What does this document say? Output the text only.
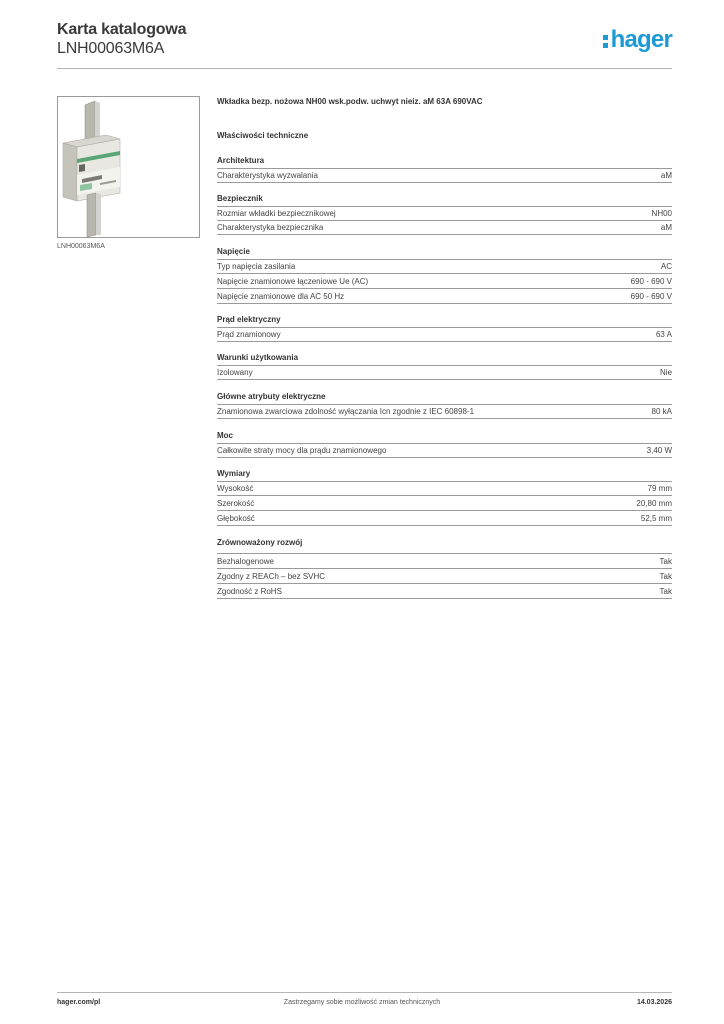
Karta katalogowa
LNH00063M6A	hager
LNH00063M6A
Wkładka bezp. nożowa NH00 wsk.podw. uchwyt nieiz. aM 63A 690VAC
Właściwości techniczne
Architektura
Charakterystyka wyzwalania	aM
Bezpiecznik
Rozmiar wkładki bezpiecznikowej	NH00
Charakterystyka bezpiecznika	aM
Napięcie
Typ napięcia zasilania	AC
Napięcie znamionowe łączeniowe Ue (AC)	690 - 690 V
Napięcie znamionowe dla AC 50 Hz	690 - 690 V
Prąd elektryczny
Prąd znamionowy	63 A
Warunki użytkowania
Izolowany	Nie
Główne atrybuty elektryczne
Znamionowa zwarciowa zdolność wyłączania Icn zgodnie z IEC 60898-1	80 kA
Moc
Całkowite straty mocy dla prądu znamionowego	3,40 W
Wymiary
Wysokość	79 mm
Szerokość	20,80 mm
Głębokość	52,5 mm
Zrównoważony rozwój
Bezhalogenowe	Tak
Zgodny z REACh – bez SVHC	Tak
Zgodność z RoHS	Tak
hager.com/pl	Zastrzegamy sobie możliwość zmian technicznych	14.03.2026
